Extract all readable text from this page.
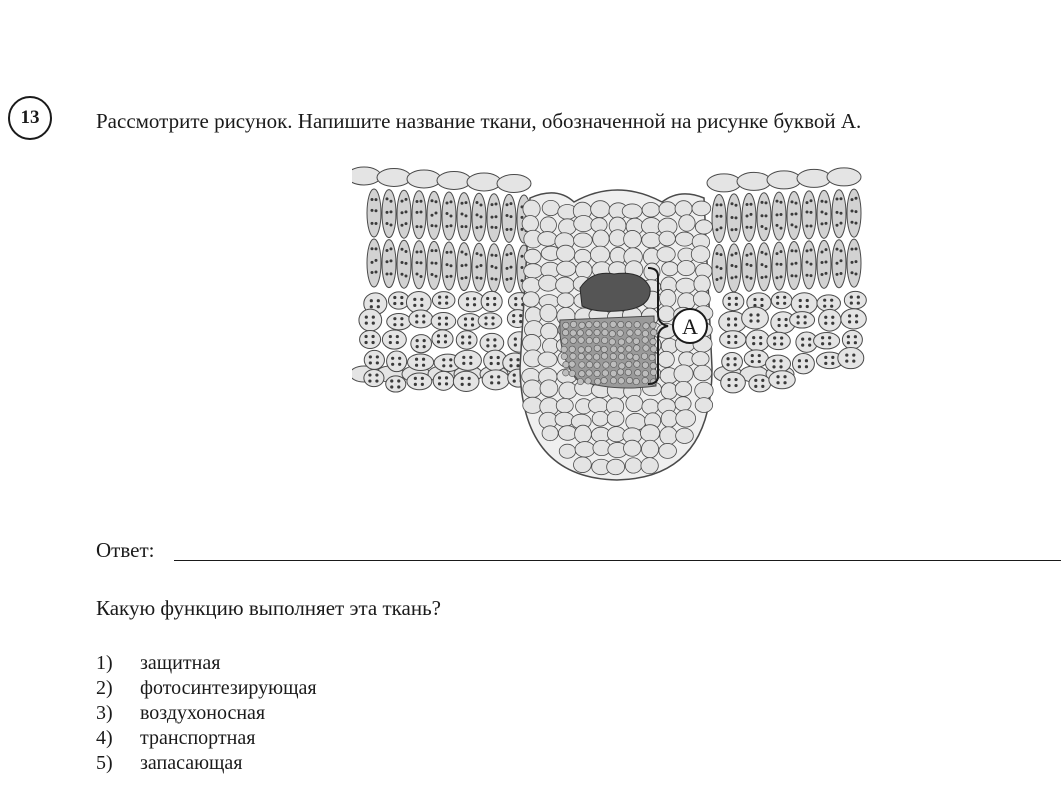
13	Рассмотрите рисунок. Напишите название ткани, обозначенной на рисунке буквой А.
А
Ответ:
Какую функцию выполняет эта ткань?
1) защитная
2) фотосинтезирующая
3) воздухоносная
4) транспортная
5) запасающая
